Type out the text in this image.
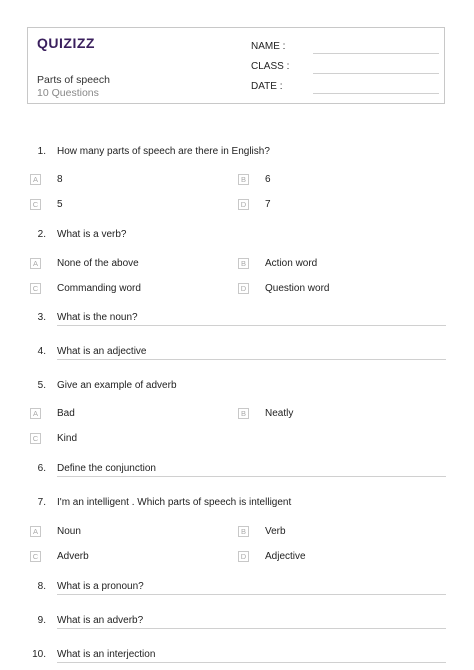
QUIZIZZ
Parts of speech
10 Questions
NAME :
CLASS :
DATE :
1. How many parts of speech are there in English?
A	8	B	6
C 5	D 7
2. What is a verb?
A	None of the above	B	Action word
C Commanding word	D Question word
3. What is the noun?
4. What is an adjective
5. Give an example of adverb
A	Bad	B	Neatly
C Kind
6. Define the conjunction
7. I'm an intelligent . Which parts of speech is intelligent
A	Noun	B	Verb
C Adverb	D Adjective
8. What is a pronoun?
9. What is an adverb?
10. What is an interjection
